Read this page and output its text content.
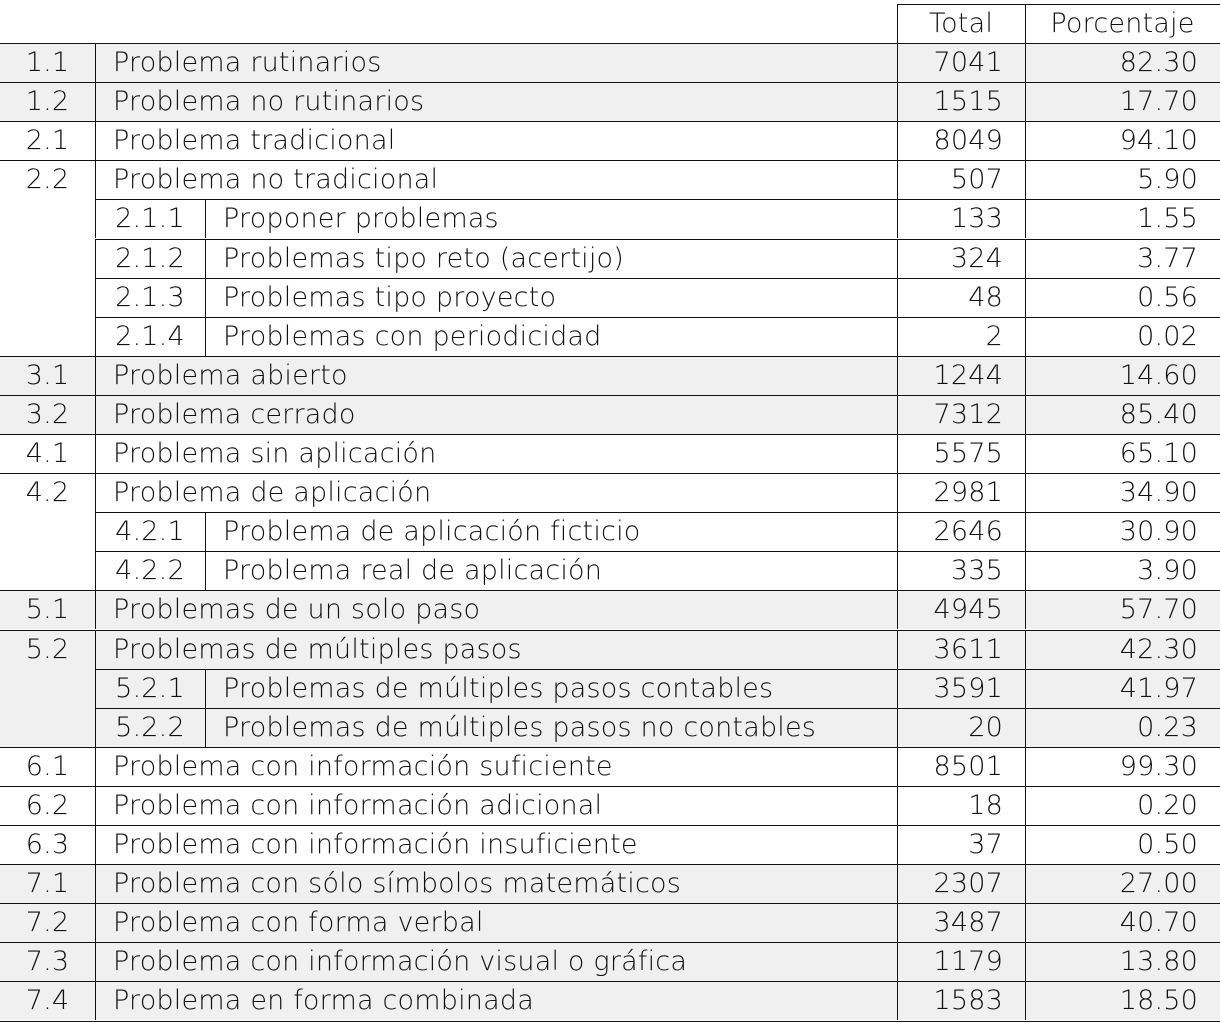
Total	Porcentaje
1.1	Problema rutinarios	7041	82.30
1.2	Problema no rutinarios	1515	17.70
2.1	Problema tradicional	8049	94.10
2.2	Problema no tradicional	507	5.90
2.1.1	Proponer problemas	133	1.55
2.1.2	Problemas tipo reto (acertijo)	324	3.77
2.1.3	Problemas tipo proyecto	48	0.56
2.1.4	Problemas con periodicidad	2	0.02
3.1	Problema abierto	1244	14.60
3.2	Problema cerrado	7312	85.40
4.1	Problema sin aplicación	5575	65.10
4.2	Problema de aplicación	2981	34.90
4.2.1	Problema de aplicación ficticio	2646	30.90
4.2.2	Problema real de aplicación	335	3.90
5.1	Problemas de un solo paso	4945	57.70
5.2	Problemas de múltiples pasos	3611	42.30
5.2.1	Problemas de múltiples pasos contables	3591	41.97
5.2.2	Problemas de múltiples pasos no contables	20	0.23
6.1	Problema con información suficiente	8501	99.30
6.2	Problema con información adicional	18	0.20
6.3	Problema con información insuficiente	37	0.50
7.1	Problema con sólo símbolos matemáticos	2307	27.00
7.2	Problema con forma verbal	3487	40.70
7.3	Problema con información visual o gráfica	1179	13.80
7.4	Problema en forma combinada	1583	18.50
